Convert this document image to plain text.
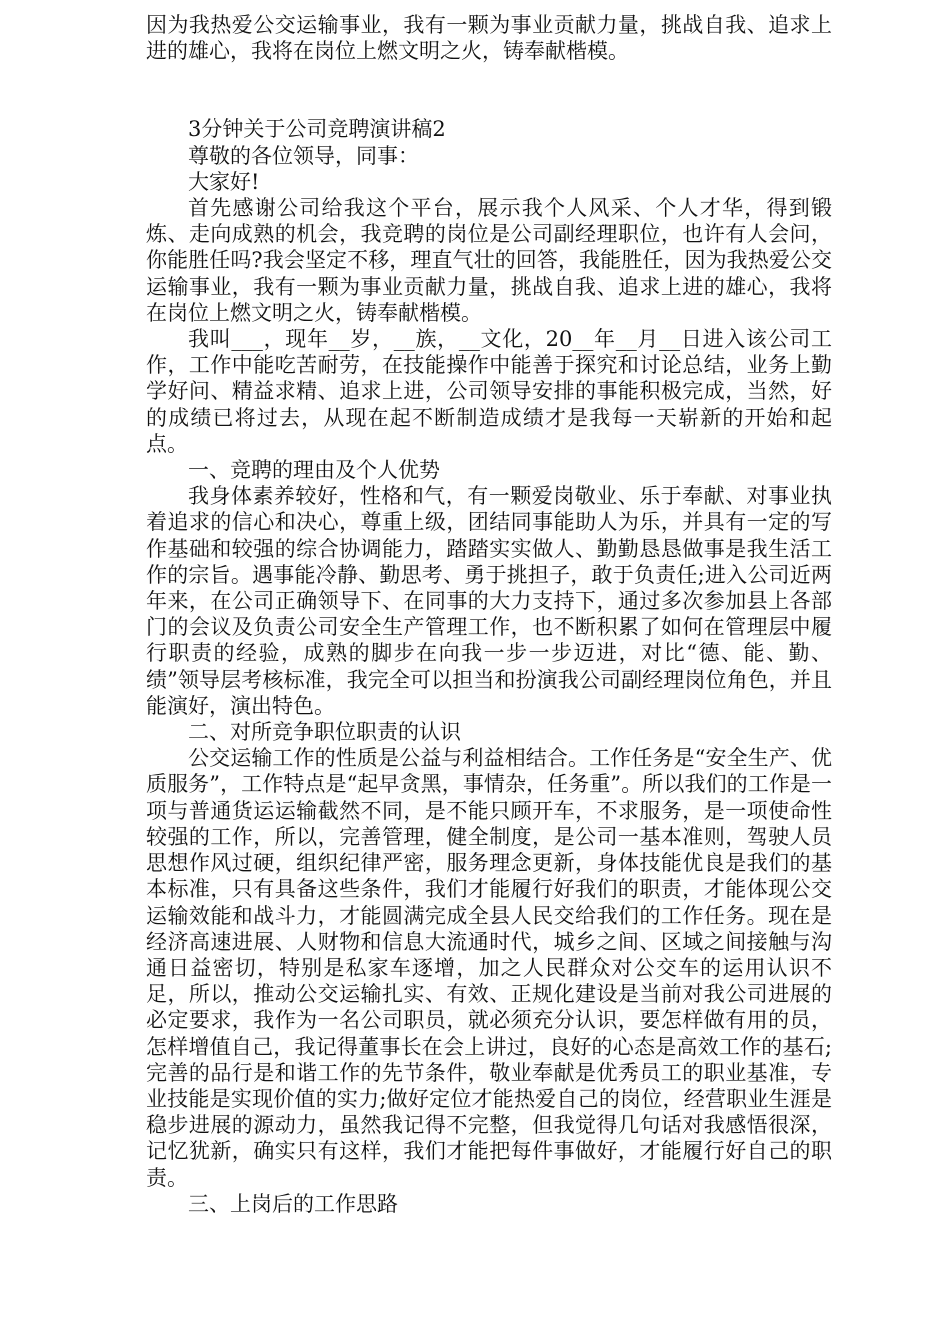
因为我热爱公交运输事业，我有一颗为事业贡献力量，挑战自我、追求上进的雄心，我将在岗位上燃文明之火，铸奉献楷模。

3分钟关于公司竞聘演讲稿2

尊敬的各位领导，同事：

大家好!

首先感谢公司给我这个平台，展示我个人风采、个人才华，得到锻炼、走向成熟的机会，我竞聘的岗位是公司副经理职位，也许有人会问，你能胜任吗?我会坚定不移，理直气壮的回答，我能胜任，因为我热爱公交运输事业，我有一颗为事业贡献力量，挑战自我、追求上进的雄心，我将在岗位上燃文明之火，铸奉献楷模。

我叫___，现年__岁，__族，__文化，20__年__月__日进入该公司工作，工作中能吃苦耐劳，在技能操作中能善于探究和讨论总结，业务上勤学好问、精益求精、追求上进，公司领导安排的事能积极完成，当然，好的成绩已将过去，从现在起不断制造成绩才是我每一天崭新的开始和起点。

一、竞聘的理由及个人优势

我身体素养较好，性格和气，有一颗爱岗敬业、乐于奉献、对事业执着追求的信心和决心，尊重上级，团结同事能助人为乐，并具有一定的写作基础和较强的综合协调能力，踏踏实实做人、勤勤恳恳做事是我生活工作的宗旨。遇事能冷静、勤思考、勇于挑担子，敢于负责任;进入公司近两年来，在公司正确领导下、在同事的大力支持下，通过多次参加县上各部门的会议及负责公司安全生产管理工作，也不断积累了如何在管理层中履行职责的经验，成熟的脚步在向我一步一步迈进，对比“德、能、勤、绩”领导层考核标准，我完全可以担当和扮演我公司副经理岗位角色，并且能演好，演出特色。

二、对所竞争职位职责的认识

公交运输工作的性质是公益与利益相结合。工作任务是“安全生产、优质服务”，工作特点是“起早贪黑，事情杂，任务重”。所以我们的工作是一项与普通货运运输截然不同，是不能只顾开车，不求服务，是一项使命性较强的工作，所以，完善管理，健全制度，是公司一基本准则，驾驶人员思想作风过硬，组织纪律严密，服务理念更新，身体技能优良是我们的基本标准，只有具备这些条件，我们才能履行好我们的职责，才能体现公交运输效能和战斗力，才能圆满完成全县人民交给我们的工作任务。现在是经济高速进展、人财物和信息大流通时代，城乡之间、区域之间接触与沟通日益密切，特别是私家车逐增，加之人民群众对公交车的运用认识不足，所以，推动公交运输扎实、有效、正规化建设是当前对我公司进展的必定要求，我作为一名公司职员，就必须充分认识，要怎样做有用的员，怎样增值自己，我记得董事长在会上讲过，良好的心态是高效工作的基石;完善的品行是和谐工作的先节条件，敬业奉献是优秀员工的职业基准，专业技能是实现价值的实力;做好定位才能热爱自己的岗位，经营职业生涯是稳步进展的源动力，虽然我记得不完整，但我觉得几句话对我感悟很深，记忆犹新，确实只有这样，我们才能把每件事做好，才能履行好自己的职责。

三、上岗后的工作思路
